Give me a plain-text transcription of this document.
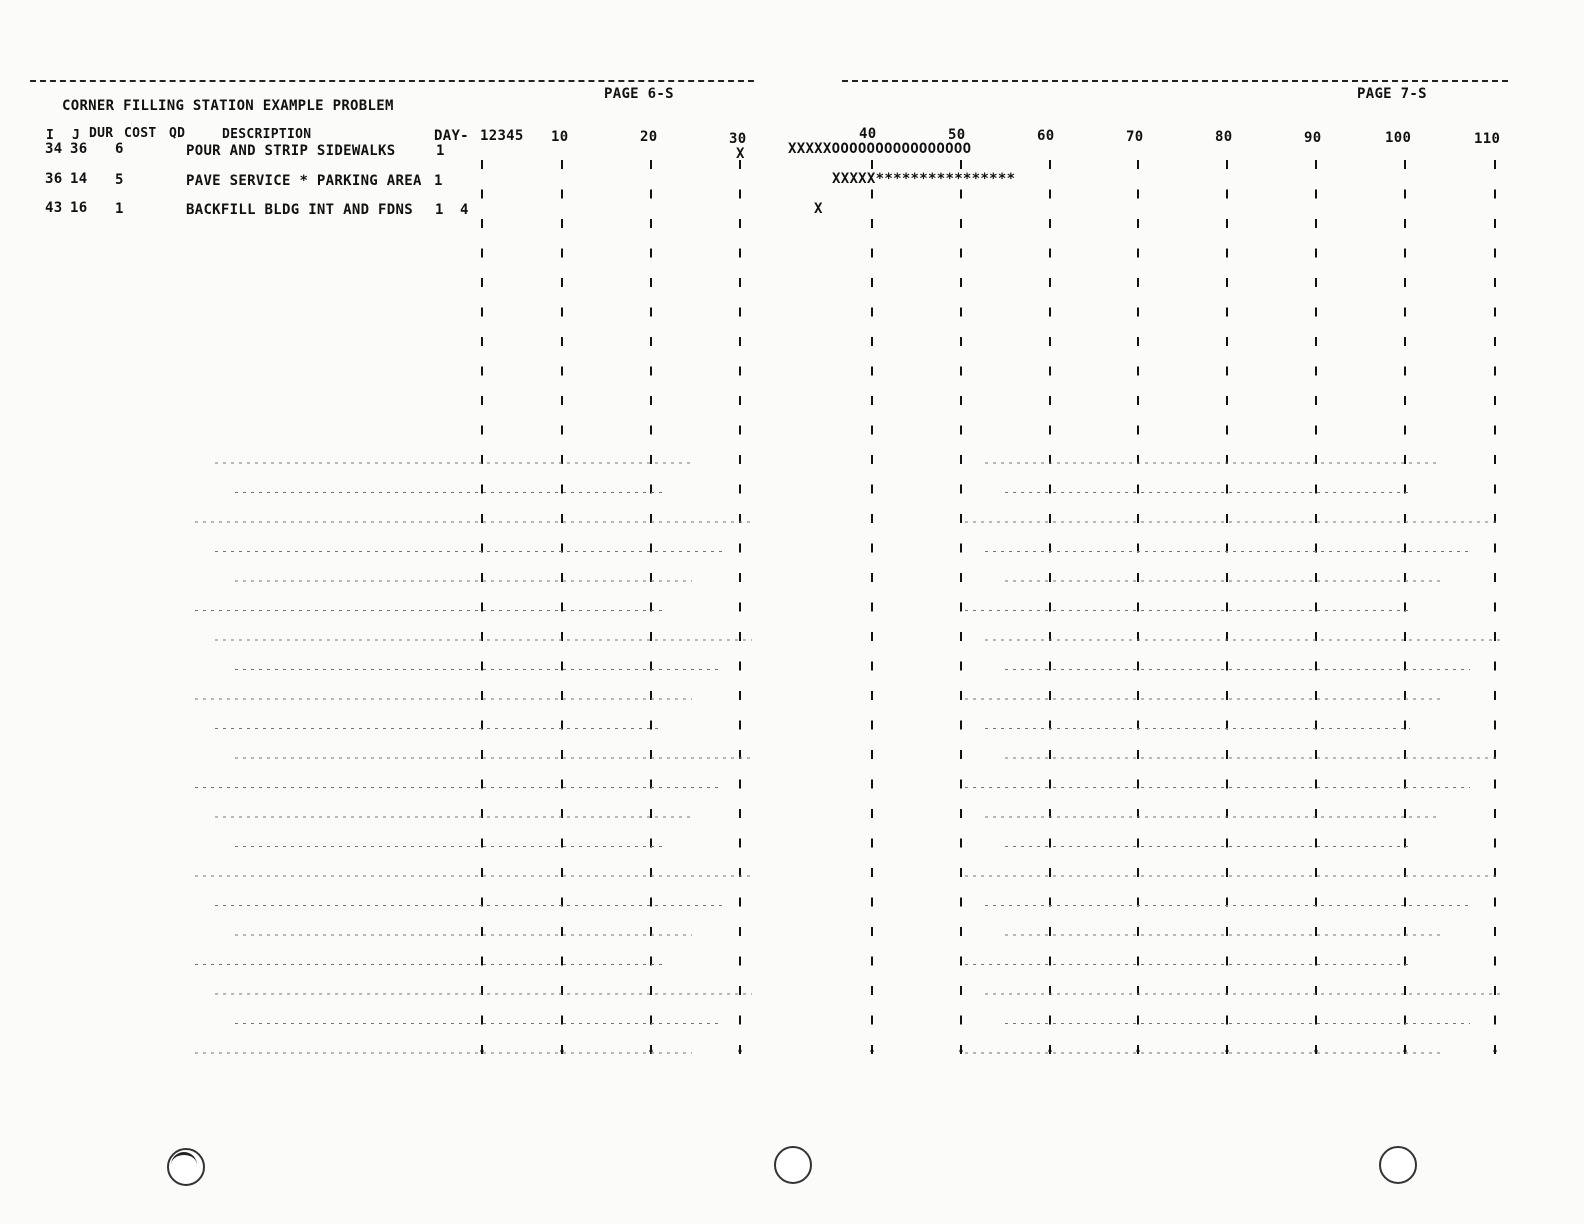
CORNER FILLING STATION EXAMPLE PROBLEM
PAGE 6-S	PAGE 7-S
I J DUR COST QD	DESCRIPTION	DAY- 12345 10	20	30	40	50	60	70	80	90	100	110
34 36 6	POUR AND STRIP SIDEWALKS	1	X	XXXXXOOOOOOOOOOOOOOOO
36 14 5	PAVE SERVICE * PARKING AREA 1	XXXXX****************
43 16 1	BACKFILL BLDG INT AND FDNS 1 4	X
